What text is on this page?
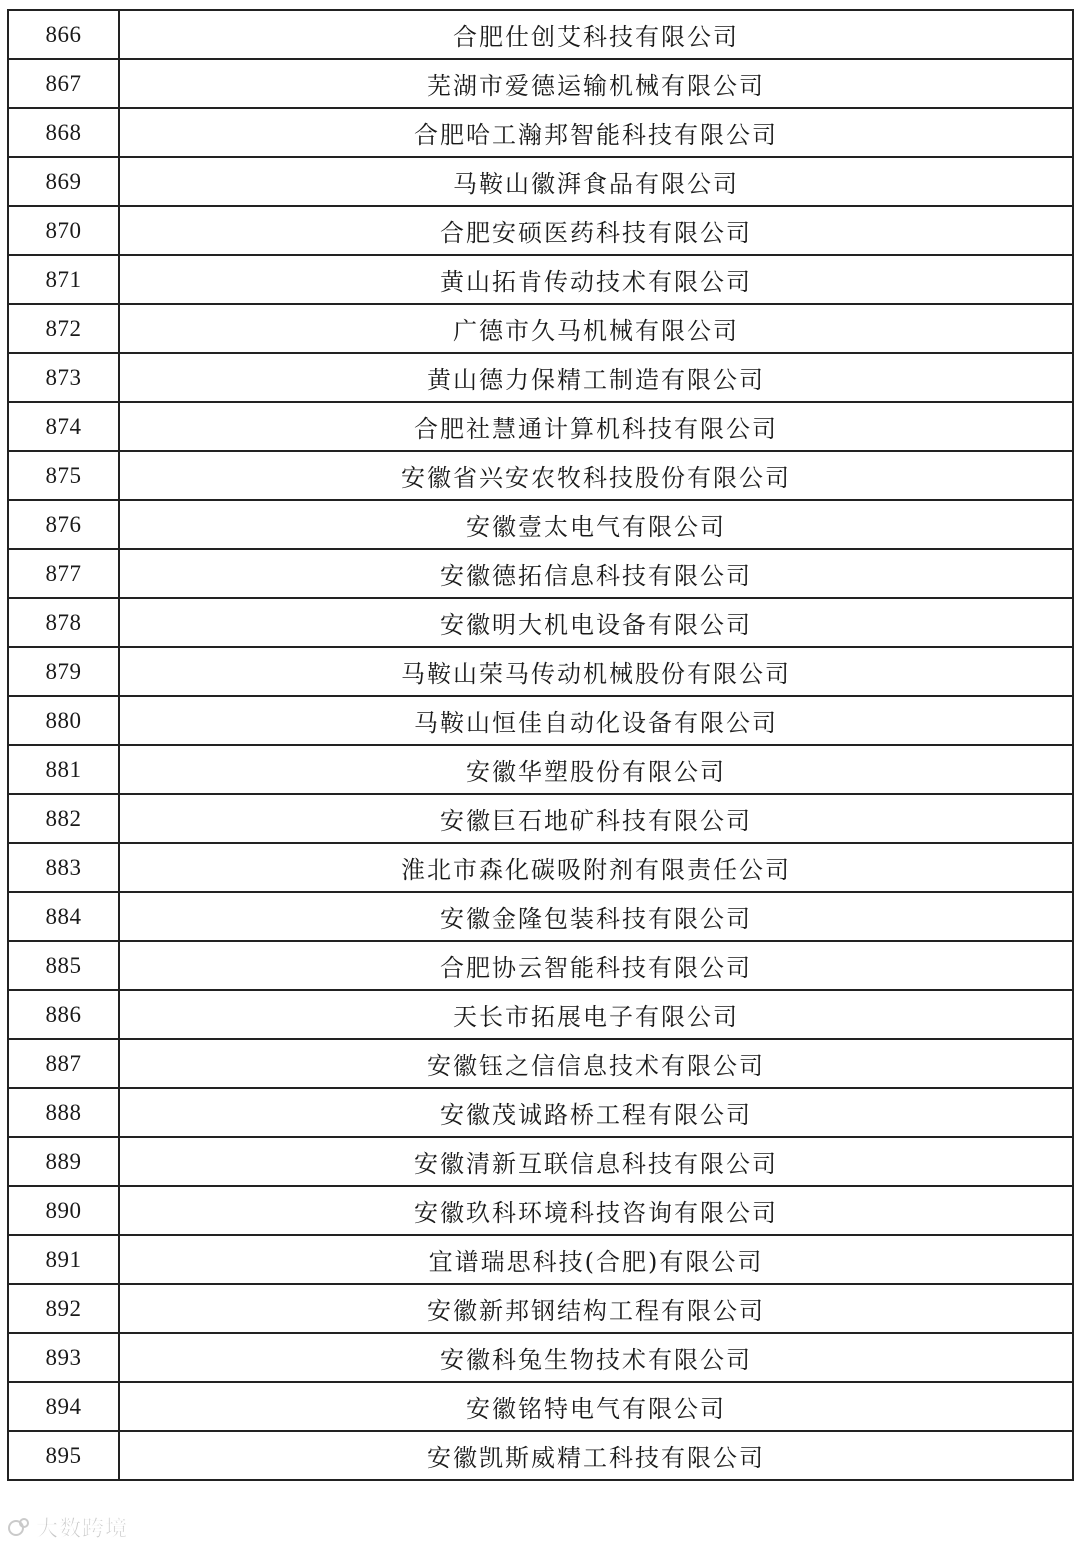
866	合肥仕创艾科技有限公司
867	芜湖市爱德运输机械有限公司
868	合肥哈工瀚邦智能科技有限公司
869	马鞍山徽湃食品有限公司
870	合肥安硕医药科技有限公司
871	黄山拓肯传动技术有限公司
872	广德市久马机械有限公司
873	黄山德力保精工制造有限公司
874	合肥社慧通计算机科技有限公司
875	安徽省兴安农牧科技股份有限公司
876	安徽壹太电气有限公司
877	安徽德拓信息科技有限公司
878	安徽明大机电设备有限公司
879	马鞍山荣马传动机械股份有限公司
880	马鞍山恒佳自动化设备有限公司
881	安徽华塑股份有限公司
882	安徽巨石地矿科技有限公司
883	淮北市森化碳吸附剂有限责任公司
884	安徽金隆包装科技有限公司
885	合肥协云智能科技有限公司
886	天长市拓展电子有限公司
887	安徽钰之信信息技术有限公司
888	安徽茂诚路桥工程有限公司
889	安徽清新互联信息科技有限公司
890	安徽玖科环境科技咨询有限公司
891	宜谱瑞思科技(合肥)有限公司
892	安徽新邦钢结构工程有限公司
893	安徽科兔生物技术有限公司
894	安徽铭特电气有限公司
895	安徽凯斯威精工科技有限公司
大数跨境
